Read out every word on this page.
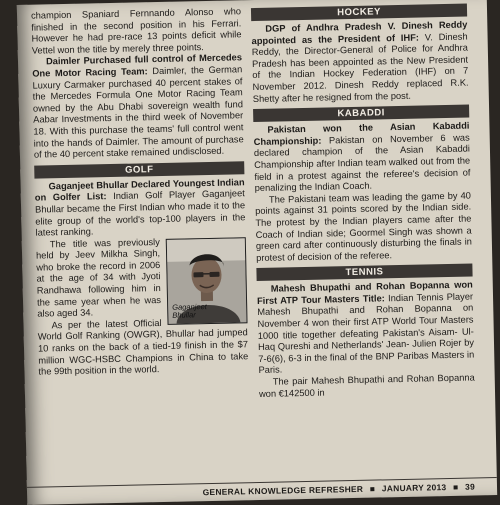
champion Spaniard Fernnando Alonso who finished in the second position in his Ferrari. However he had pre-race 13 points deficit while Vettel won the title by merely three points.

Daimler Purchased full control of Mercedes One Motor Racing Team: Daimler, the German Luxury Carmaker purchased 40 percent stakes of the Mercedes Formula One Motor Racing Team owned by the Abu Dhabi sovereign wealth fund Aabar Investments in the third week of November 18. With this purchase the teams' full control went into the hands of Daimler. The amount of purchase of the 40 percent stake remained undisclosed.

GOLF

Gaganjeet Bhullar Declared Youngest Indian on Golfer List: Indian Golf Player Gaganjeet Bhullar became the First Indian who made it to the elite group of the world's top-100 players in the latest ranking.

Gaganjeet
Bhullar

The title was previously held by Jeev Milkha Singh, who broke the record in 2006 at the age of 34 with Jyoti Randhawa following him in the same year when he was also aged 34.

As per the latest Official World Golf Ranking (OWGR), Bhullar had jumped 10 ranks on the back of a tied-19 finish in the $7 million WGC-HSBC Champions in China to take the 99th position in the world.

HOCKEY

DGP of Andhra Pradesh V. Dinesh Reddy appointed as the President of IHF: V. Dinesh Reddy, the Director-General of Police for Andhra Pradesh has been appointed as the New President of the Indian Hockey Federation (IHF) on 7 November 2012. Dinesh Reddy replaced R.K. Shetty after he resigned from the post.

KABADDI

Pakistan won the Asian Kabaddi Championship: Pakistan on November 6 was declared champion of the Asian Kabaddi Championship after Indian team walked out from the field in a protest against the referee's decision of penalizing the Indian Coach.

The Pakistani team was leading the game by 40 points against 31 points scored by the Indian side. The protest by the Indian players came after the Coach of Indian side; Goormel Singh was shown a green card after continuously disturbing the finals in protest of decision of the referee.

TENNIS

Mahesh Bhupathi and Rohan Bopanna won First ATP Tour Masters Title: Indian Tennis Player Mahesh Bhupathi and Rohan Bopanna on November 4 won their first ATP World Tour Masters 1000 title together defeating Pakistan's Aisam- Ul- Haq Qureshi and Netherlands' Jean- Julien Rojer by 7-6(6), 6-3 in the final of the BNP Paribas Masters in Paris.

The pair Mahesh Bhupathi and Rohan Bopanna won €142500 in

GENERAL KNOWLEDGE REFRESHER ■ JANUARY 2013 ■ 39
